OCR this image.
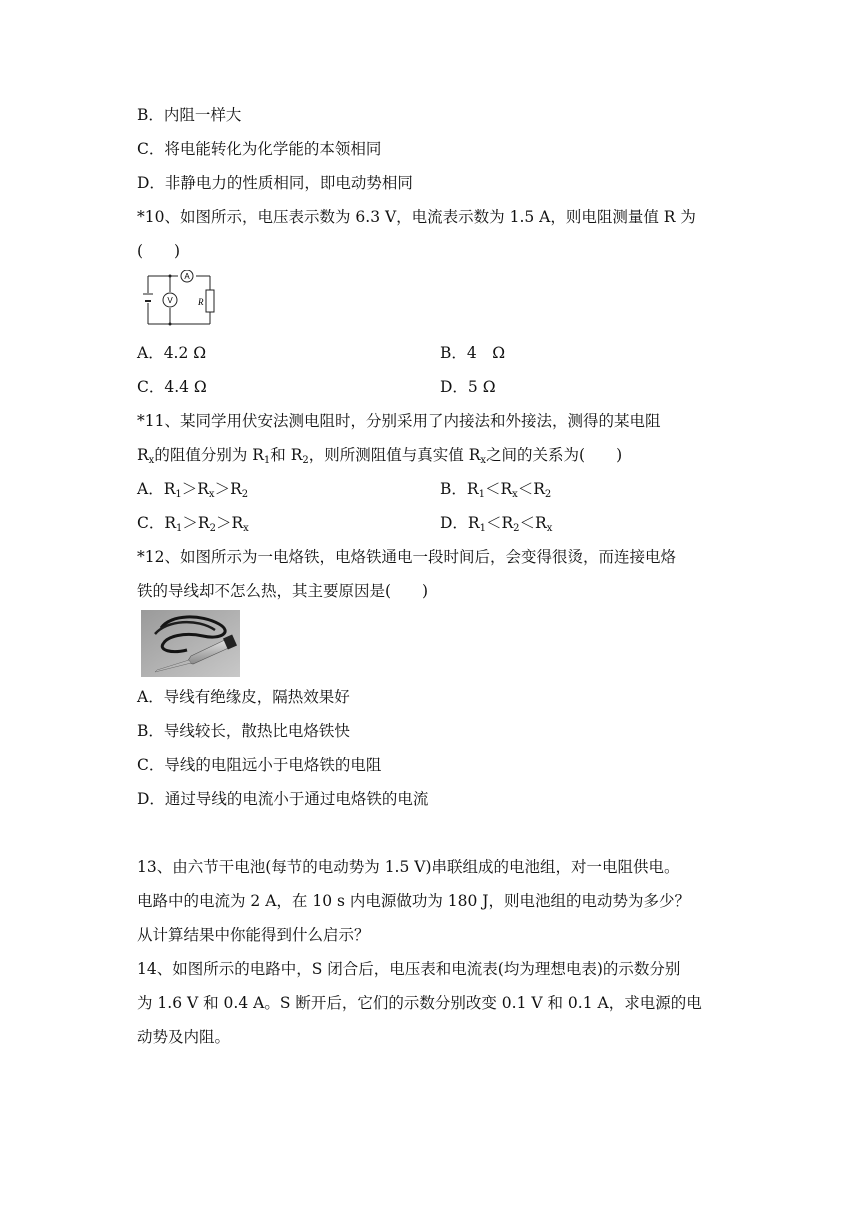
B．内阻一样大
C．将电能转化为化学能的本领相同
D．非静电力的性质相同，即电动势相同
*10、如图所示，电压表示数为 6.3 V，电流表示数为 1.5 A，则电阻测量值 R 为
(　　)
A
V	R
A．4.2 Ω	B．4　Ω
C．4.4 Ω	D．5 Ω
*11、某同学用伏安法测电阻时，分别采用了内接法和外接法，测得的某电阻
$R_x$的阻值分别为 $R_1$和 $R_2$，则所测阻值与真实值 $R_x$之间的关系为(　　)
A．$R_1>R_x>R_2$	B．$R_1<R_x<R_2$
C．$R_1>R_2>R_x$	D．$R_1<R_2<R_x$
*12、如图所示为一电烙铁，电烙铁通电一段时间后，会变得很烫，而连接电烙
铁的导线却不怎么热，其主要原因是(　　)
A．导线有绝缘皮，隔热效果好
B．导线较长，散热比电烙铁快
C．导线的电阻远小于电烙铁的电阻
D．通过导线的电流小于通过电烙铁的电流
13、由六节干电池(每节的电动势为 1.5 V)串联组成的电池组，对一电阻供电。
电路中的电流为 2 A，在 10 s 内电源做功为 180 J，则电池组的电动势为多少？
从计算结果中你能得到什么启示？
14、如图所示的电路中，S 闭合后，电压表和电流表(均为理想电表)的示数分别
为 1.6 V 和 0.4 A。S 断开后，它们的示数分别改变 0.1 V 和 0.1 A，求电源的电
动势及内阻。
